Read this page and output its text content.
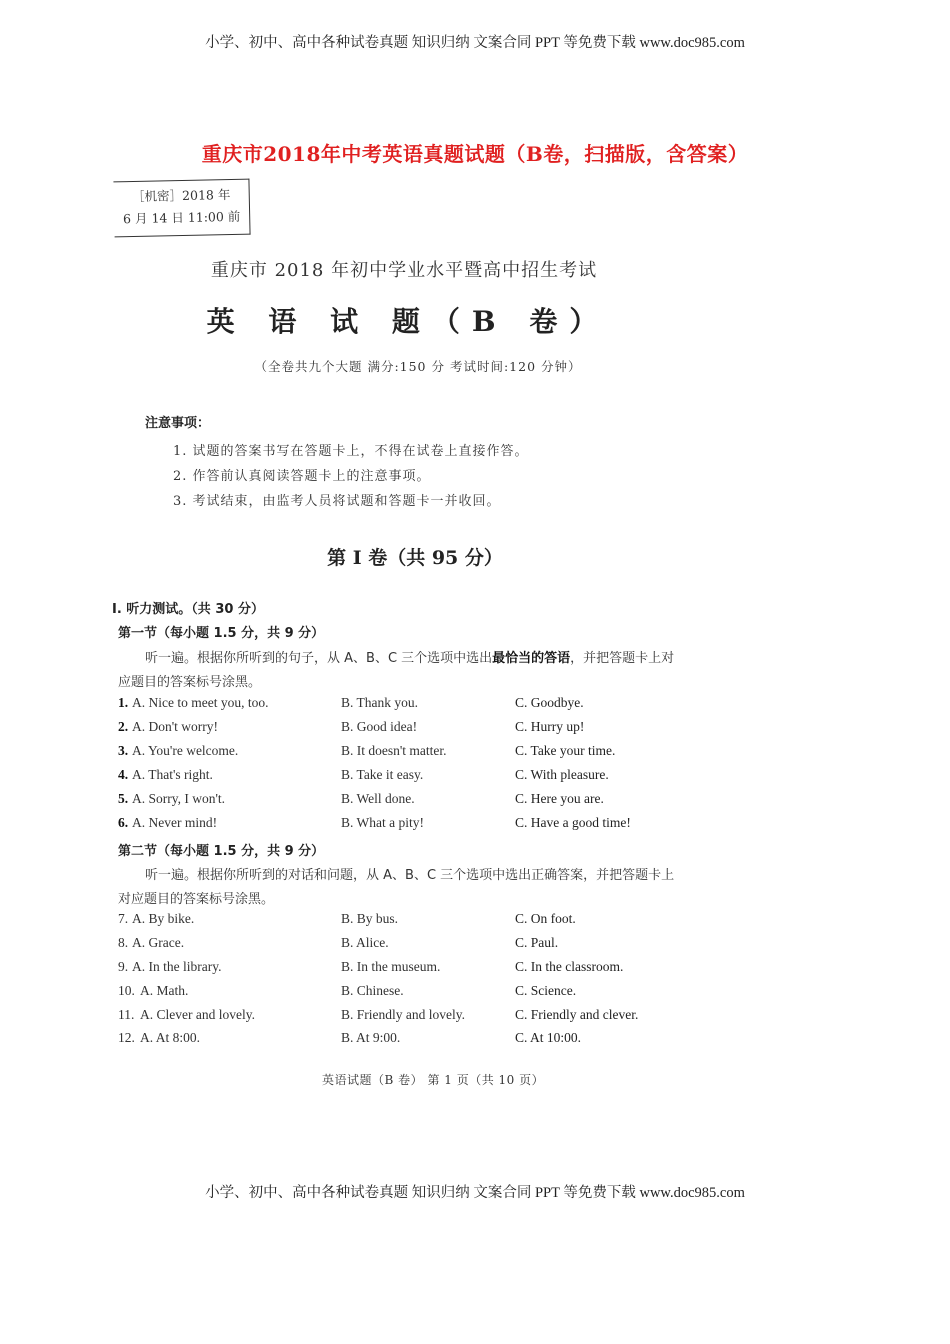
小学、初中、高中各种试卷真题 知识归纳 文案合同 PPT 等免费下载 www.doc985.com
重庆市2018年中考英语真题试题（B卷，扫描版，含答案）
［机密］2018 年
6 月 14 日 11:00 前
重庆市 2018 年初中学业水平暨高中招生考试
英 语 试 题（B 卷）
（全卷共九个大题 满分:150 分 考试时间:120 分钟）
注意事项：
1. 试题的答案书写在答题卡上，不得在试卷上直接作答。
2. 作答前认真阅读答题卡上的注意事项。
3. 考试结束，由监考人员将试题和答题卡一并收回。
第 I 卷（共 95 分）
I. 听力测试。（共 30 分）
第一节（每小题 1.5 分，共 9 分）
听一遍。根据你所听到的句子，从 A、B、C 三个选项中选出最恰当的答语，并把答题卡上对
应题目的答案标号涂黑。
1. A. Nice to meet you, too.	B. Thank you.	C. Goodbye.
2. A. Don't worry!	B. Good idea!	C. Hurry up!
3. A. You're welcome.	B. It doesn't matter.	C. Take your time.
4. A. That's right.	B. Take it easy.	C. With pleasure.
5. A. Sorry, I won't.	B. Well done.	C. Here you are.
6. A. Never mind!	B. What a pity!	C. Have a good time!
第二节（每小题 1.5 分，共 9 分）
听一遍。根据你所听到的对话和问题，从 A、B、C 三个选项中选出正确答案，并把答题卡上
对应题目的答案标号涂黑。
7. A. By bike.	B. By bus.	C. On foot.
8. A. Grace.	B. Alice.	C. Paul.
9. A. In the library.	B. In the museum.	C. In the classroom.
10. A. Math.	B. Chinese.	C. Science.
11. A. Clever and lovely.	B. Friendly and lovely.	C. Friendly and clever.
12. A. At 8:00.	B. At 9:00.	C. At 10:00.
英语试题（B 卷） 第 1 页（共 10 页）
小学、初中、高中各种试卷真题 知识归纳 文案合同 PPT 等免费下载 www.doc985.com
